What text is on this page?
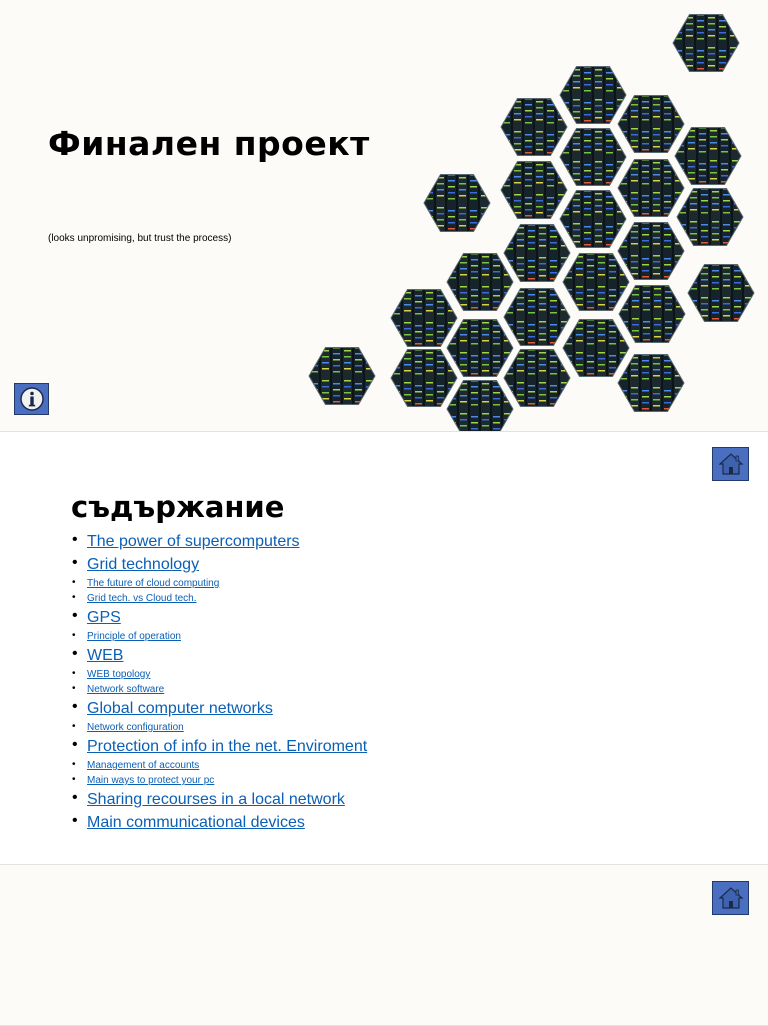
Финален проект
(looks unpromising, but trust the process)
съдържание
• The power of supercomputers
• Grid technology
• The future of cloud computing
• Grid tech. vs Cloud tech.
• GPS
• Principle of operation
• WEB
• WEB topology
• Network software
• Global computer networks
• Network configuration
• Protection of info in the net. Enviroment
• Management of accounts
• Main ways to protect your pc
• Sharing recourses in a local network
• Main communicational devices
